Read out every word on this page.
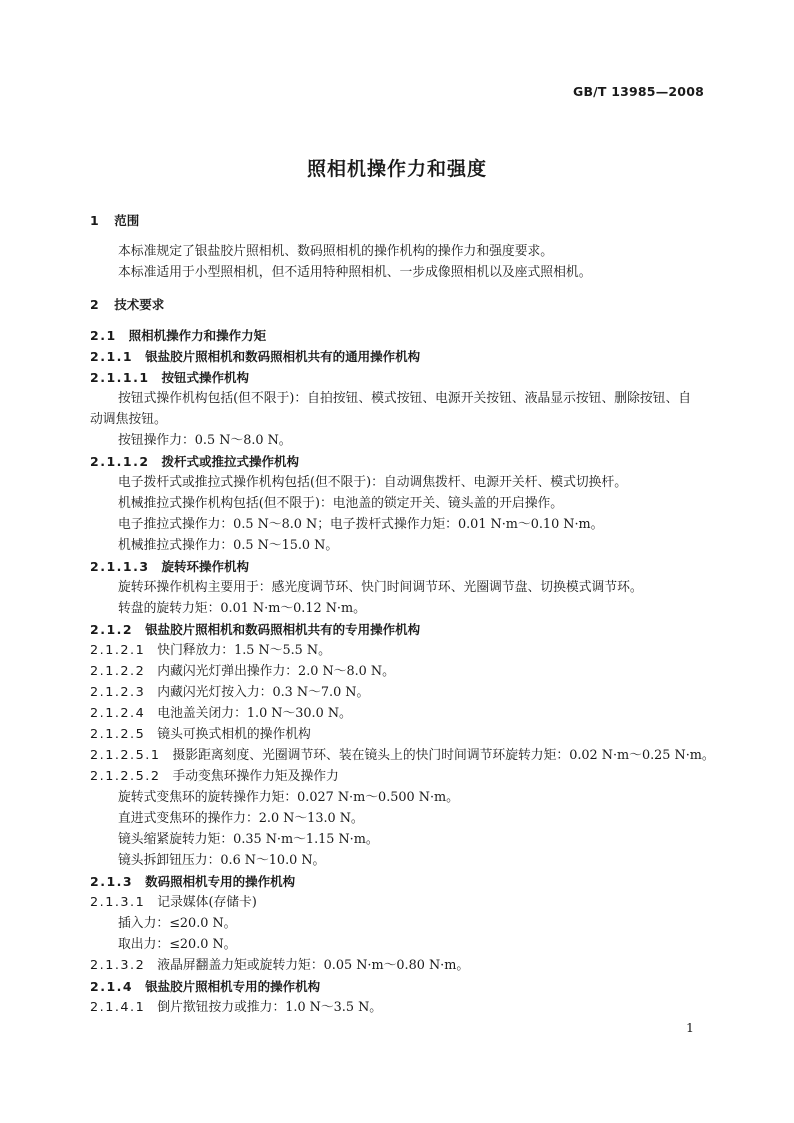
GB/T 13985—2008
照相机操作力和强度
1 范围
本标准规定了银盐胶片照相机、数码照相机的操作机构的操作力和强度要求。
本标准适用于小型照相机，但不适用特种照相机、一步成像照相机以及座式照相机。
2 技术要求
2.1 照相机操作力和操作力矩
2.1.1 银盐胶片照相机和数码照相机共有的通用操作机构
2.1.1.1 按钮式操作机构
按钮式操作机构包括(但不限于)：自拍按钮、模式按钮、电源开关按钮、液晶显示按钮、删除按钮、自
动调焦按钮。
按钮操作力：0.5 N～8.0 N。
2.1.1.2 拨杆式或推拉式操作机构
电子拨杆式或推拉式操作机构包括(但不限于)：自动调焦拨杆、电源开关杆、模式切换杆。
机械推拉式操作机构包括(但不限于)：电池盖的锁定开关、镜头盖的开启操作。
电子推拉式操作力：0.5 N～8.0 N；电子拨杆式操作力矩：0.01 N·m～0.10 N·m。
机械推拉式操作力：0.5 N～15.0 N。
2.1.1.3 旋转环操作机构
旋转环操作机构主要用于：感光度调节环、快门时间调节环、光圈调节盘、切换模式调节环。
转盘的旋转力矩：0.01 N·m～0.12 N·m。
2.1.2 银盐胶片照相机和数码照相机共有的专用操作机构
2.1.2.1 快门释放力：1.5 N～5.5 N。
2.1.2.2 内藏闪光灯弹出操作力：2.0 N～8.0 N。
2.1.2.3 内藏闪光灯按入力：0.3 N～7.0 N。
2.1.2.4 电池盖关闭力：1.0 N～30.0 N。
2.1.2.5 镜头可换式相机的操作机构
2.1.2.5.1 摄影距离刻度、光圈调节环、装在镜头上的快门时间调节环旋转力矩：0.02 N·m～0.25 N·m。
2.1.2.5.2 手动变焦环操作力矩及操作力
旋转式变焦环的旋转操作力矩：0.027 N·m～0.500 N·m。
直进式变焦环的操作力：2.0 N～13.0 N。
镜头缩紧旋转力矩：0.35 N·m～1.15 N·m。
镜头拆卸钮压力：0.6 N～10.0 N。
2.1.3 数码照相机专用的操作机构
2.1.3.1 记录媒体(存储卡)
插入力：≤20.0 N。
取出力：≤20.0 N。
2.1.3.2 液晶屏翻盖力矩或旋转力矩：0.05 N·m～0.80 N·m。
2.1.4 银盐胶片照相机专用的操作机构
2.1.4.1 倒片揿钮按力或推力：1.0 N～3.5 N。
1
